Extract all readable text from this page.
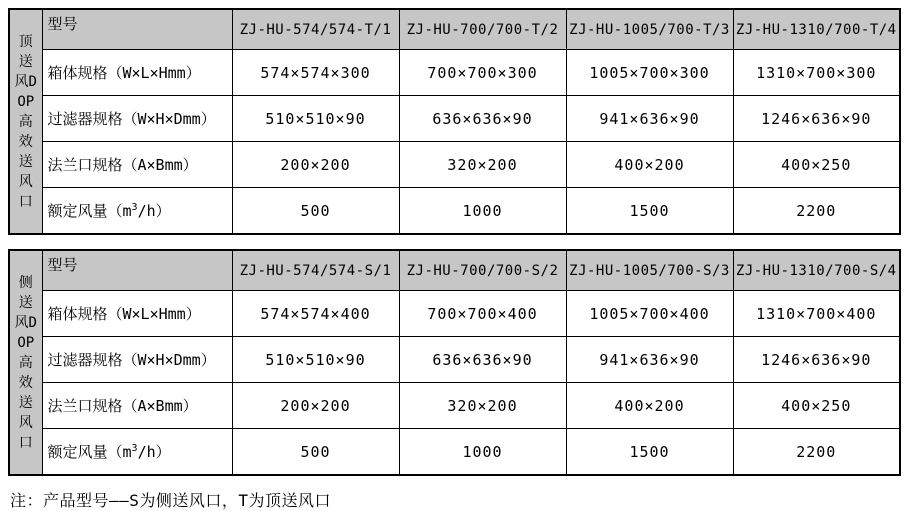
顶送风DOP高效送风口	型号	ZJ-HU-574/574-T/1	ZJ-HU-700/700-T/2	ZJ-HU-1005/700-T/3	ZJ-HU-1310/700-T/4
	箱体规格（W×L×Hmm）	574×574×300	700×700×300	1005×700×300	1310×700×300
	过滤器规格（W×H×Dmm）	510×510×90	636×636×90	941×636×90	1246×636×90
	法兰口规格（A×Bmm）	200×200	320×200	400×200	400×250
	额定风量$(m^3/h)$	500	1000	1500	2200
侧送风DOP高效送风口	型号	ZJ-HU-574/574-S/1	ZJ-HU-700/700-S/2	ZJ-HU-1005/700-S/3	ZJ-HU-1310/700-S/4
	箱体规格（W×L×Hmm）	574×574×400	700×700×400	1005×700×400	1310×700×400
	过滤器规格（W×H×Dmm）	510×510×90	636×636×90	941×636×90	1246×636×90
	法兰口规格（A×Bmm）	200×200	320×200	400×200	400×250
	额定风量$(m^3/h)$	500	1000	1500	2200
注：产品型号——S为侧送风口，T为顶送风口
